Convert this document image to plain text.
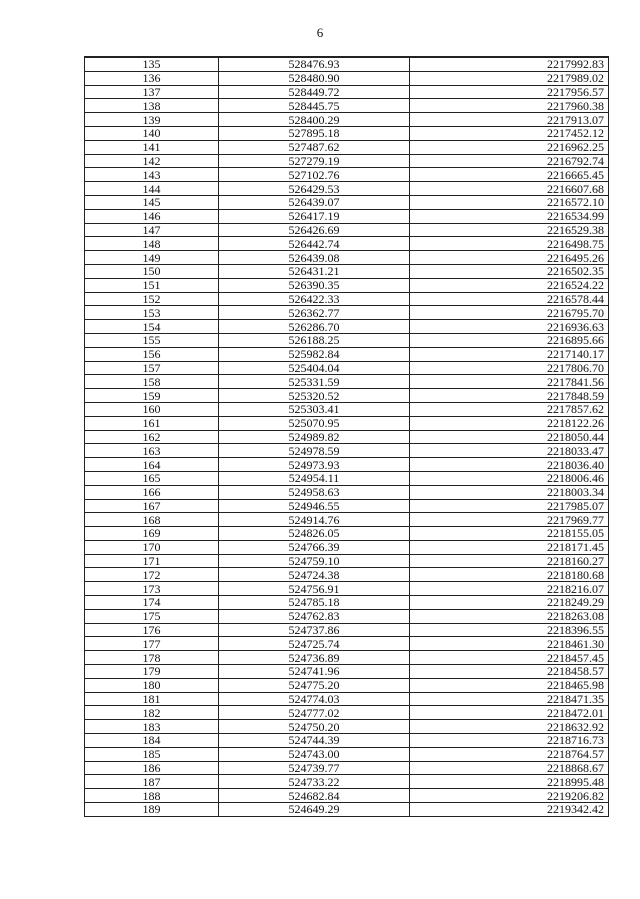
6
135	528476.93	2217992.83
136	528480.90	2217989.02
137	528449.72	2217956.57
138	528445.75	2217960.38
139	528400.29	2217913.07
140	527895.18	2217452.12
141	527487.62	2216962.25
142	527279.19	2216792.74
143	527102.76	2216665.45
144	526429.53	2216607.68
145	526439.07	2216572.10
146	526417.19	2216534.99
147	526426.69	2216529.38
148	526442.74	2216498.75
149	526439.08	2216495.26
150	526431.21	2216502.35
151	526390.35	2216524.22
152	526422.33	2216578.44
153	526362.77	2216795.70
154	526286.70	2216936.63
155	526188.25	2216895.66
156	525982.84	2217140.17
157	525404.04	2217806.70
158	525331.59	2217841.56
159	525320.52	2217848.59
160	525303.41	2217857.62
161	525070.95	2218122.26
162	524989.82	2218050.44
163	524978.59	2218033.47
164	524973.93	2218036.40
165	524954.11	2218006.46
166	524958.63	2218003.34
167	524946.55	2217985.07
168	524914.76	2217969.77
169	524826.05	2218155.05
170	524766.39	2218171.45
171	524759.10	2218160.27
172	524724.38	2218180.68
173	524756.91	2218216.07
174	524785.18	2218249.29
175	524762.83	2218263.08
176	524737.86	2218396.55
177	524725.74	2218461.30
178	524736.89	2218457.45
179	524741.96	2218458.57
180	524775.20	2218465.98
181	524774.03	2218471.35
182	524777.02	2218472.01
183	524750.20	2218632.92
184	524744.39	2218716.73
185	524743.00	2218764.57
186	524739.77	2218868.67
187	524733.22	2218995.48
188	524682.84	2219206.82
189	524649.29	2219342.42
